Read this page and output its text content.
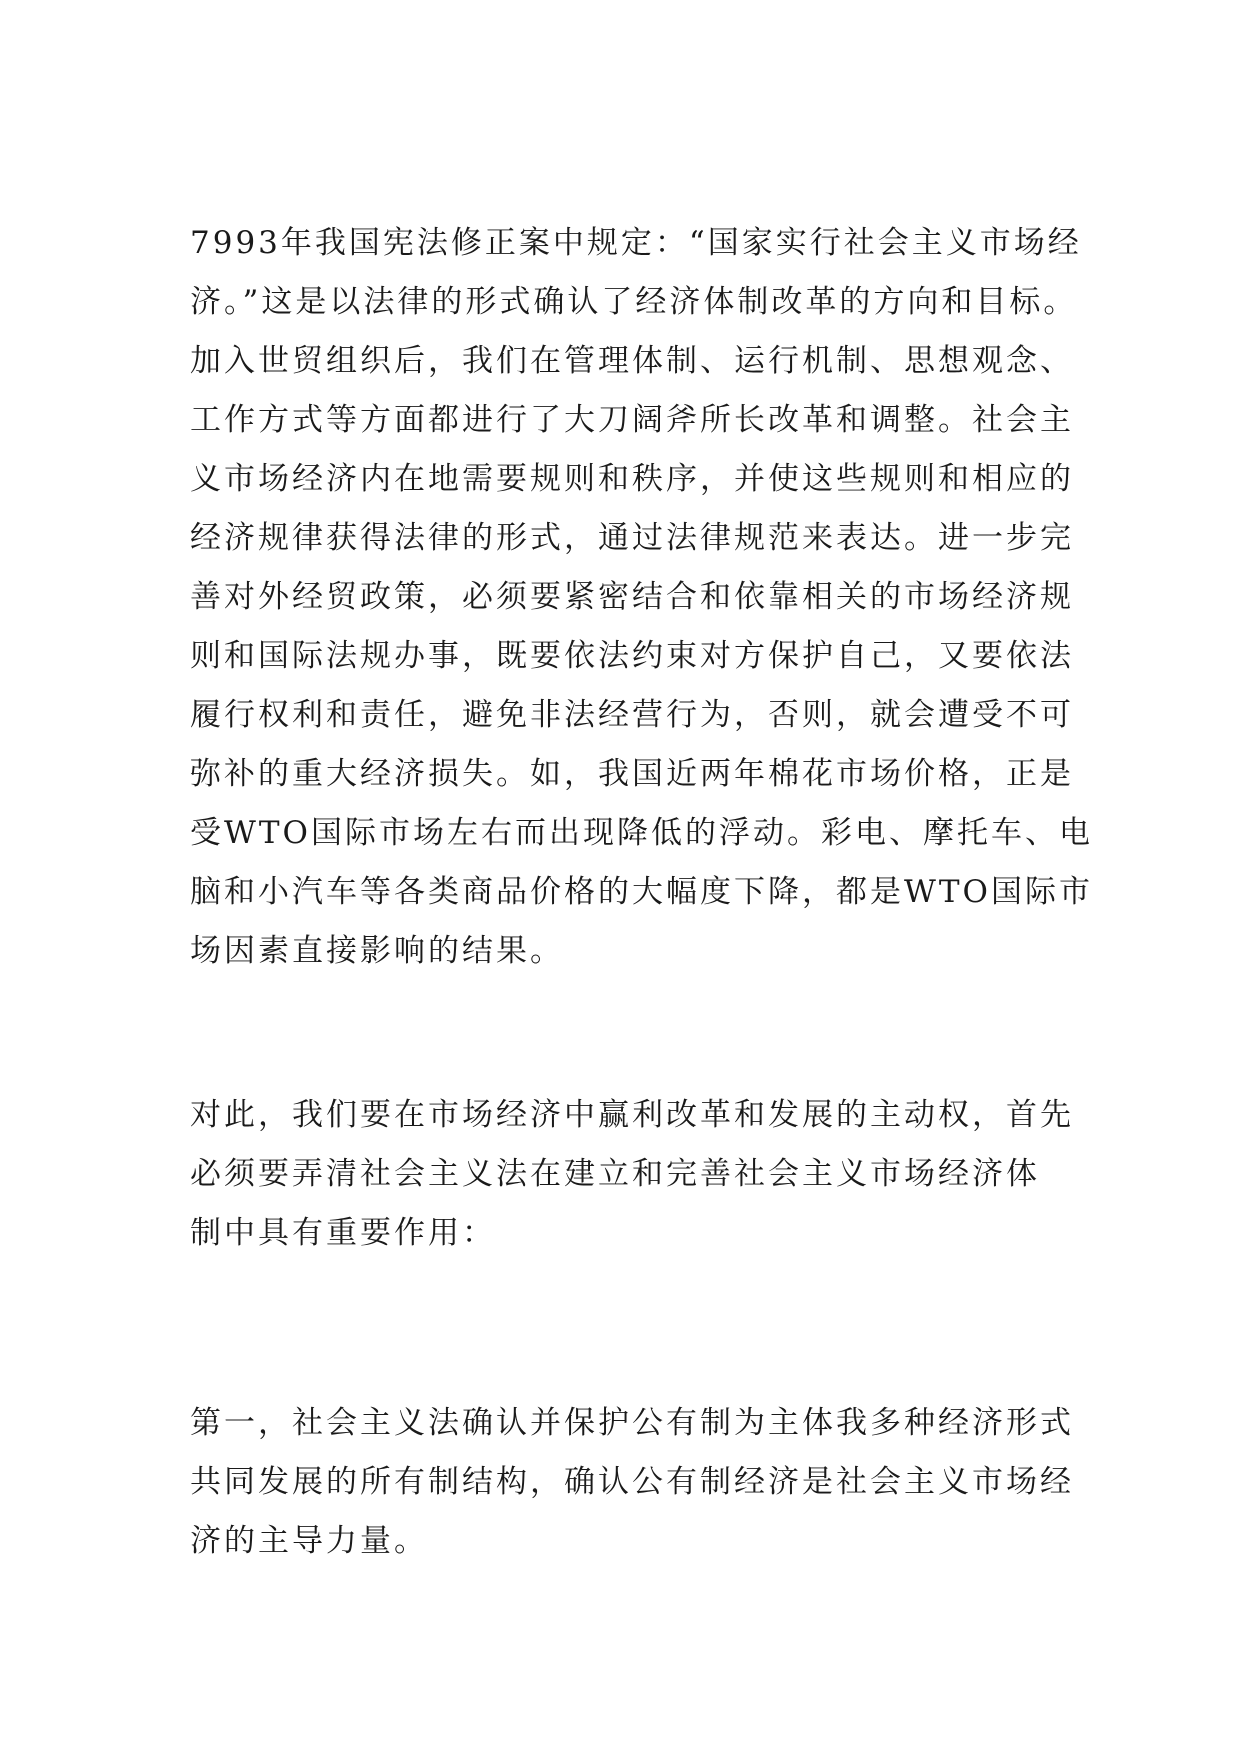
7993年我国宪法修正案中规定：“国家实行社会主义市场经
济。”这是以法律的形式确认了经济体制改革的方向和目标。
加入世贸组织后，我们在管理体制、运行机制、思想观念、
工作方式等方面都进行了大刀阔斧所长改革和调整。社会主
义市场经济内在地需要规则和秩序，并使这些规则和相应的
经济规律获得法律的形式，通过法律规范来表达。进一步完
善对外经贸政策，必须要紧密结合和依靠相关的市场经济规
则和国际法规办事，既要依法约束对方保护自己，又要依法
履行权利和责任，避免非法经营行为，否则，就会遭受不可
弥补的重大经济损失。如，我国近两年棉花市场价格，正是
受WTO国际市场左右而出现降低的浮动。彩电、摩托车、电
脑和小汽车等各类商品价格的大幅度下降，都是WTO国际市
场因素直接影响的结果。
对此，我们要在市场经济中赢利改革和发展的主动权，首先
必须要弄清社会主义法在建立和完善社会主义市场经济体
制中具有重要作用：
第一，社会主义法确认并保护公有制为主体我多种经济形式
共同发展的所有制结构，确认公有制经济是社会主义市场经
济的主导力量。
